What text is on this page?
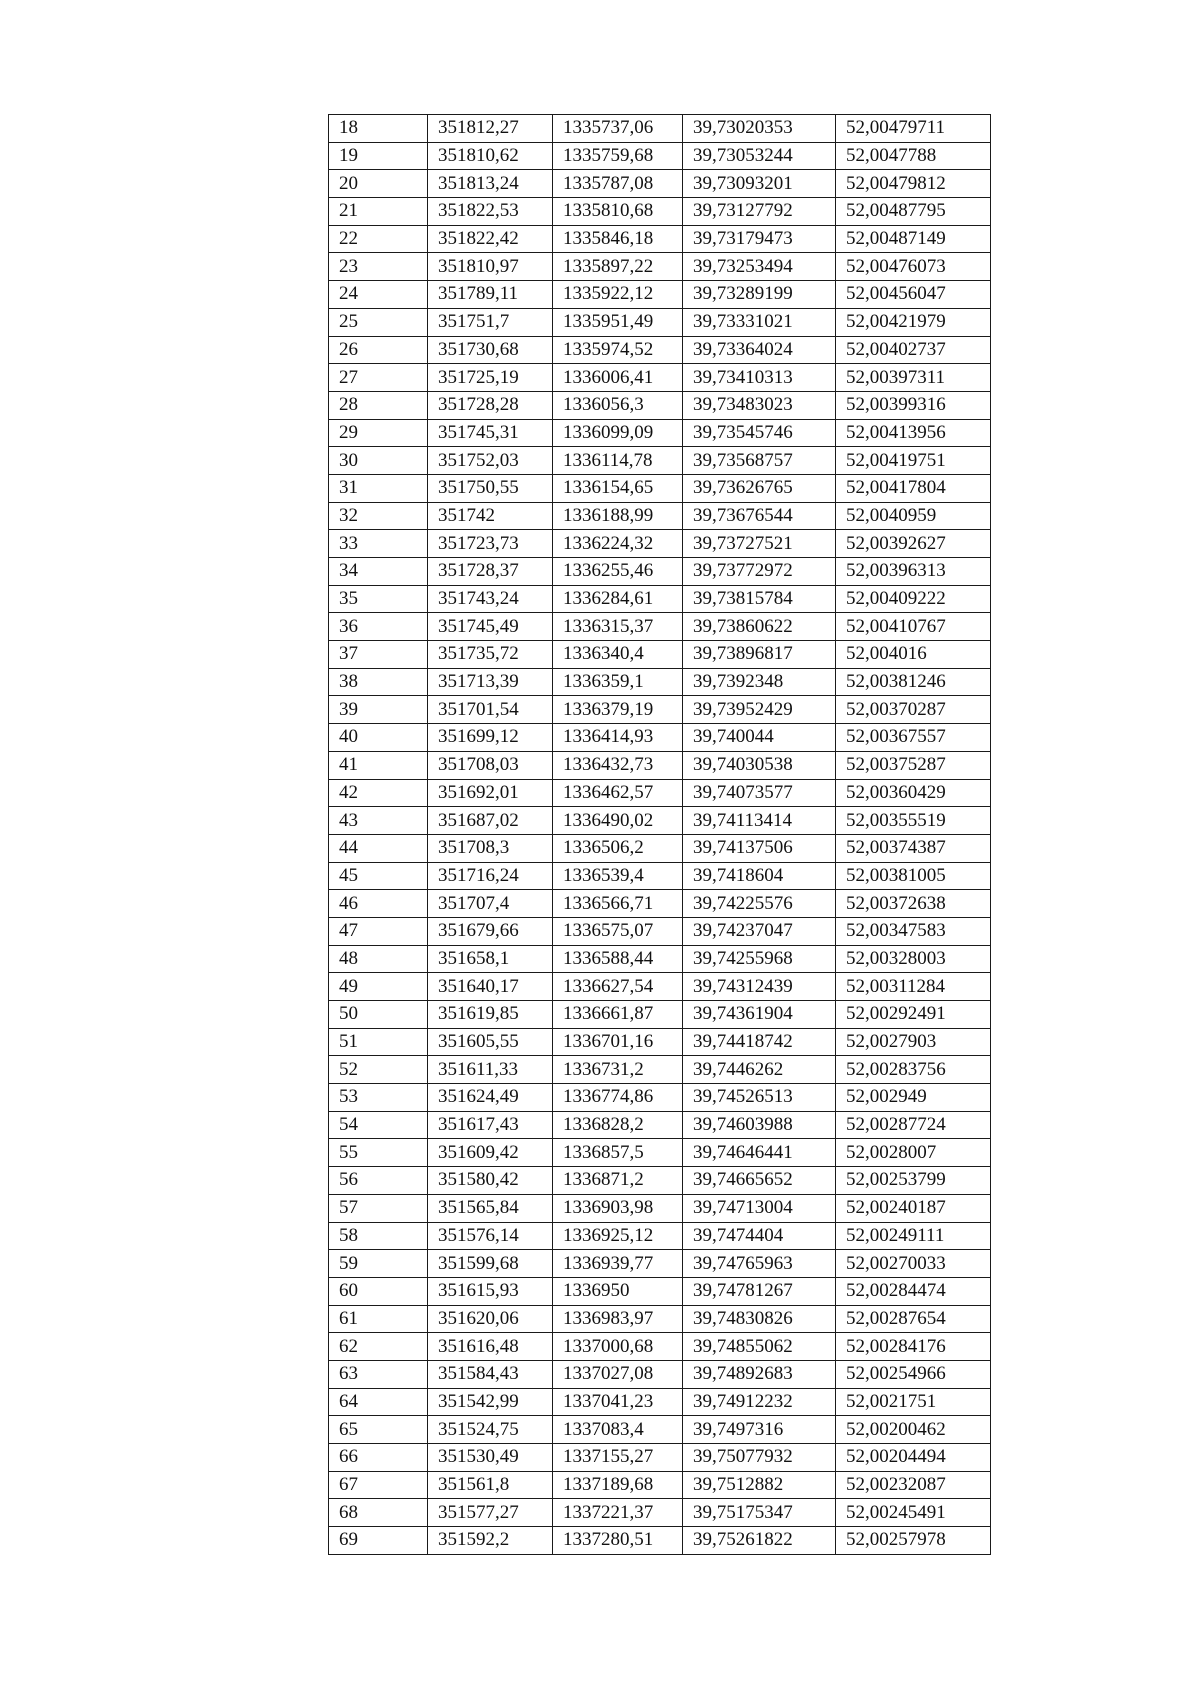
18	351812,27	1335737,06	39,73020353	52,00479711
19	351810,62	1335759,68	39,73053244	52,0047788
20	351813,24	1335787,08	39,73093201	52,00479812
21	351822,53	1335810,68	39,73127792	52,00487795
22	351822,42	1335846,18	39,73179473	52,00487149
23	351810,97	1335897,22	39,73253494	52,00476073
24	351789,11	1335922,12	39,73289199	52,00456047
25	351751,7	1335951,49	39,73331021	52,00421979
26	351730,68	1335974,52	39,73364024	52,00402737
27	351725,19	1336006,41	39,73410313	52,00397311
28	351728,28	1336056,3	39,73483023	52,00399316
29	351745,31	1336099,09	39,73545746	52,00413956
30	351752,03	1336114,78	39,73568757	52,00419751
31	351750,55	1336154,65	39,73626765	52,00417804
32	351742	1336188,99	39,73676544	52,0040959
33	351723,73	1336224,32	39,73727521	52,00392627
34	351728,37	1336255,46	39,73772972	52,00396313
35	351743,24	1336284,61	39,73815784	52,00409222
36	351745,49	1336315,37	39,73860622	52,00410767
37	351735,72	1336340,4	39,73896817	52,004016
38	351713,39	1336359,1	39,7392348	52,00381246
39	351701,54	1336379,19	39,73952429	52,00370287
40	351699,12	1336414,93	39,740044	52,00367557
41	351708,03	1336432,73	39,74030538	52,00375287
42	351692,01	1336462,57	39,74073577	52,00360429
43	351687,02	1336490,02	39,74113414	52,00355519
44	351708,3	1336506,2	39,74137506	52,00374387
45	351716,24	1336539,4	39,7418604	52,00381005
46	351707,4	1336566,71	39,74225576	52,00372638
47	351679,66	1336575,07	39,74237047	52,00347583
48	351658,1	1336588,44	39,74255968	52,00328003
49	351640,17	1336627,54	39,74312439	52,00311284
50	351619,85	1336661,87	39,74361904	52,00292491
51	351605,55	1336701,16	39,74418742	52,0027903
52	351611,33	1336731,2	39,7446262	52,00283756
53	351624,49	1336774,86	39,74526513	52,002949
54	351617,43	1336828,2	39,74603988	52,00287724
55	351609,42	1336857,5	39,74646441	52,0028007
56	351580,42	1336871,2	39,74665652	52,00253799
57	351565,84	1336903,98	39,74713004	52,00240187
58	351576,14	1336925,12	39,7474404	52,00249111
59	351599,68	1336939,77	39,74765963	52,00270033
60	351615,93	1336950	39,74781267	52,00284474
61	351620,06	1336983,97	39,74830826	52,00287654
62	351616,48	1337000,68	39,74855062	52,00284176
63	351584,43	1337027,08	39,74892683	52,00254966
64	351542,99	1337041,23	39,74912232	52,0021751
65	351524,75	1337083,4	39,7497316	52,00200462
66	351530,49	1337155,27	39,75077932	52,00204494
67	351561,8	1337189,68	39,7512882	52,00232087
68	351577,27	1337221,37	39,75175347	52,00245491
69	351592,2	1337280,51	39,75261822	52,00257978
